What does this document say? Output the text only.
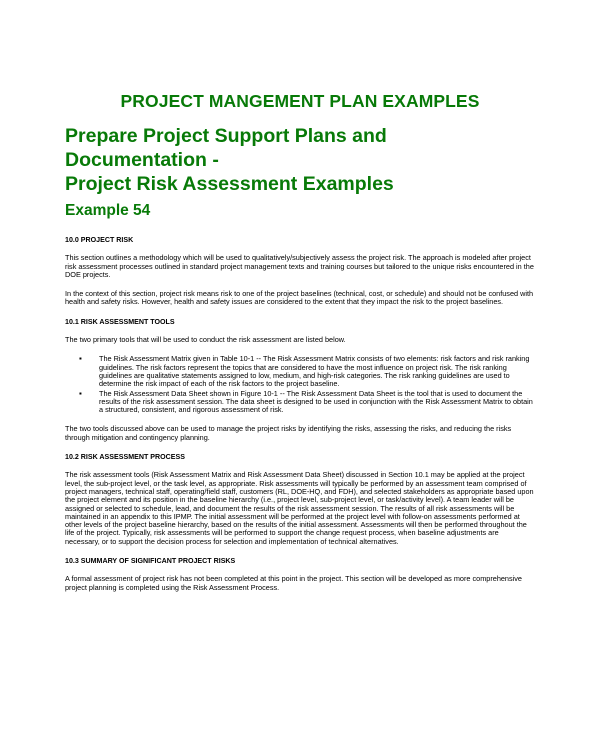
PROJECT MANGEMENT PLAN EXAMPLES
Prepare Project Support Plans and
Documentation -
Project Risk Assessment Examples
Example 54
10.0 PROJECT RISK

This section outlines a methodology which will be used to qualitatively/subjectively assess the project risk. The approach is modeled after project risk assessment processes outlined in standard project management texts and training courses but tailored to the unique risks encountered in the DOE projects.

In the context of this section, project risk means risk to one of the project baselines (technical, cost, or schedule) and should not be confused with health and safety risks. However, health and safety issues are considered to the extent that they impact the risk to the project baselines.

10.1 RISK ASSESSMENT TOOLS

The two primary tools that will be used to conduct the risk assessment are listed below.

▪ The Risk Assessment Matrix given in Table 10-1 -- The Risk Assessment Matrix consists of two elements: risk factors and risk ranking guidelines. The risk factors represent the topics that are considered to have the most influence on project risk. The risk ranking guidelines are qualitative statements assigned to low, medium, and high-risk categories. The risk ranking guidelines are used to determine the risk impact of each of the risk factors to the project baseline.
▪ The Risk Assessment Data Sheet shown in Figure 10-1 -- The Risk Assessment Data Sheet is the tool that is used to document the results of the risk assessment session. The data sheet is designed to be used in conjunction with the Risk Assessment Matrix to obtain a structured, consistent, and rigorous assessment of risk.

The two tools discussed above can be used to manage the project risks by identifying the risks, assessing the risks, and reducing the risks through mitigation and contingency planning.

10.2 RISK ASSESSMENT PROCESS

The risk assessment tools (Risk Assessment Matrix and Risk Assessment Data Sheet) discussed in Section 10.1 may be applied at the project level, the sub-project level, or the task level, as appropriate. Risk assessments will typically be performed by an assessment team comprised of project managers, technical staff, operating/field staff, customers (RL, DOE-HQ, and FDH), and selected stakeholders as appropriate based upon the project element and its position in the baseline hierarchy (i.e., project level, sub-project level, or task/activity level). A team leader will be assigned or selected to schedule, lead, and document the results of the risk assessment session. The results of all risk assessments will be maintained in an appendix to this IPMP. The initial assessment will be performed at the project level with follow-on assessments performed at other levels of the project baseline hierarchy, based on the results of the initial assessment. Assessments will then be performed throughout the life of the project. Typically, risk assessments will be performed to support the change request process, when baseline adjustments are necessary, or to support the decision process for selection and implementation of technical alternatives.

10.3 SUMMARY OF SIGNIFICANT PROJECT RISKS

A formal assessment of project risk has not been completed at this point in the project. This section will be developed as more comprehensive project planning is completed using the Risk Assessment Process.
